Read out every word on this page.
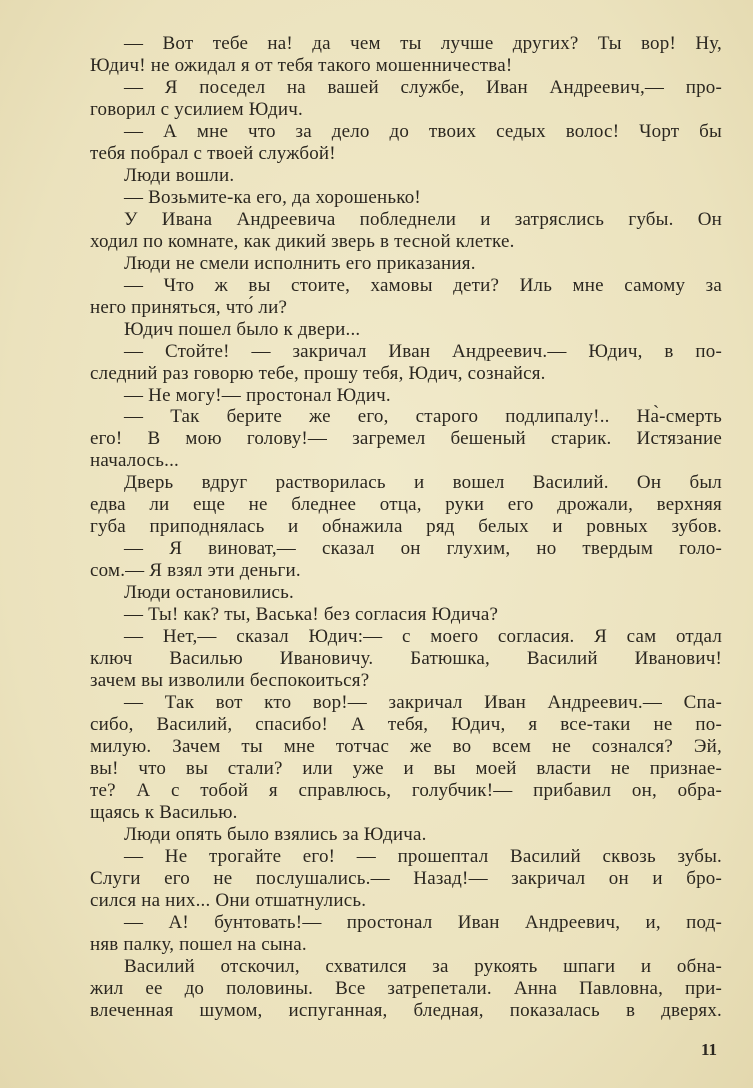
— Вот тебе на! да чем ты лучше других? Ты вор! Ну,
Юдич! не ожидал я от тебя такого мошенничества!
— Я поседел на вашей службе, Иван Андреевич,— про-
говорил с усилием Юдич.
— А мне что за дело до твоих седых волос! Чорт бы
тебя побрал с твоей службой!
Люди вошли.
— Возьмите-ка его, да хорошенько!
У Ивана Андреевича побледнели и затряслись губы. Он
ходил по комнате, как дикий зверь в тесной клетке.
Люди не смели исполнить его приказания.
— Что ж вы стоите, хамовы дети? Иль мне самому за
него приняться, что́ ли?
Юдич пошел было к двери...
— Стойте! — закричал Иван Андреевич.— Юдич, в по-
следний раз говорю тебе, прошу тебя, Юдич, сознайся.
— Не могу!— простонал Юдич.
— Так берите же его, старого подлипалу!.. На̀-смерть
его! В мою голову!— загремел бешеный старик. Истязание
началось...
Дверь вдруг растворилась и вошел Василий. Он был
едва ли еще не бледнее отца, руки его дрожали, верхняя
губа приподнялась и обнажила ряд белых и ровных зубов.
— Я виноват,— сказал он глухим, но твердым голо-
сом.— Я взял эти деньги.
Люди остановились.
— Ты! как? ты, Васька! без согласия Юдича?
— Нет,— сказал Юдич:— с моего согласия. Я сам отдал
ключ Василью Ивановичу. Батюшка, Василий Иванович!
зачем вы изволили беспокоиться?
— Так вот кто вор!— закричал Иван Андреевич.— Спа-
сибо, Василий, спасибо! А тебя, Юдич, я все-таки не по-
милую. Зачем ты мне тотчас же во всем не сознался? Эй,
вы! что вы стали? или уже и вы моей власти не признае-
те? А с тобой я справлюсь, голубчик!— прибавил он, обра-
щаясь к Василью.
Люди опять было взялись за Юдича.
— Не трогайте его! — прошептал Василий сквозь зубы.
Слуги его не послушались.— Назад!— закричал он и бро-
сился на них... Они отшатнулись.
— А! бунтовать!— простонал Иван Андреевич, и, под-
няв палку, пошел на сына.
Василий отскочил, схватился за рукоять шпаги и обна-
жил ее до половины. Все затрепетали. Анна Павловна, при-
влеченная шумом, испуганная, бледная, показалась в дверях.
11
